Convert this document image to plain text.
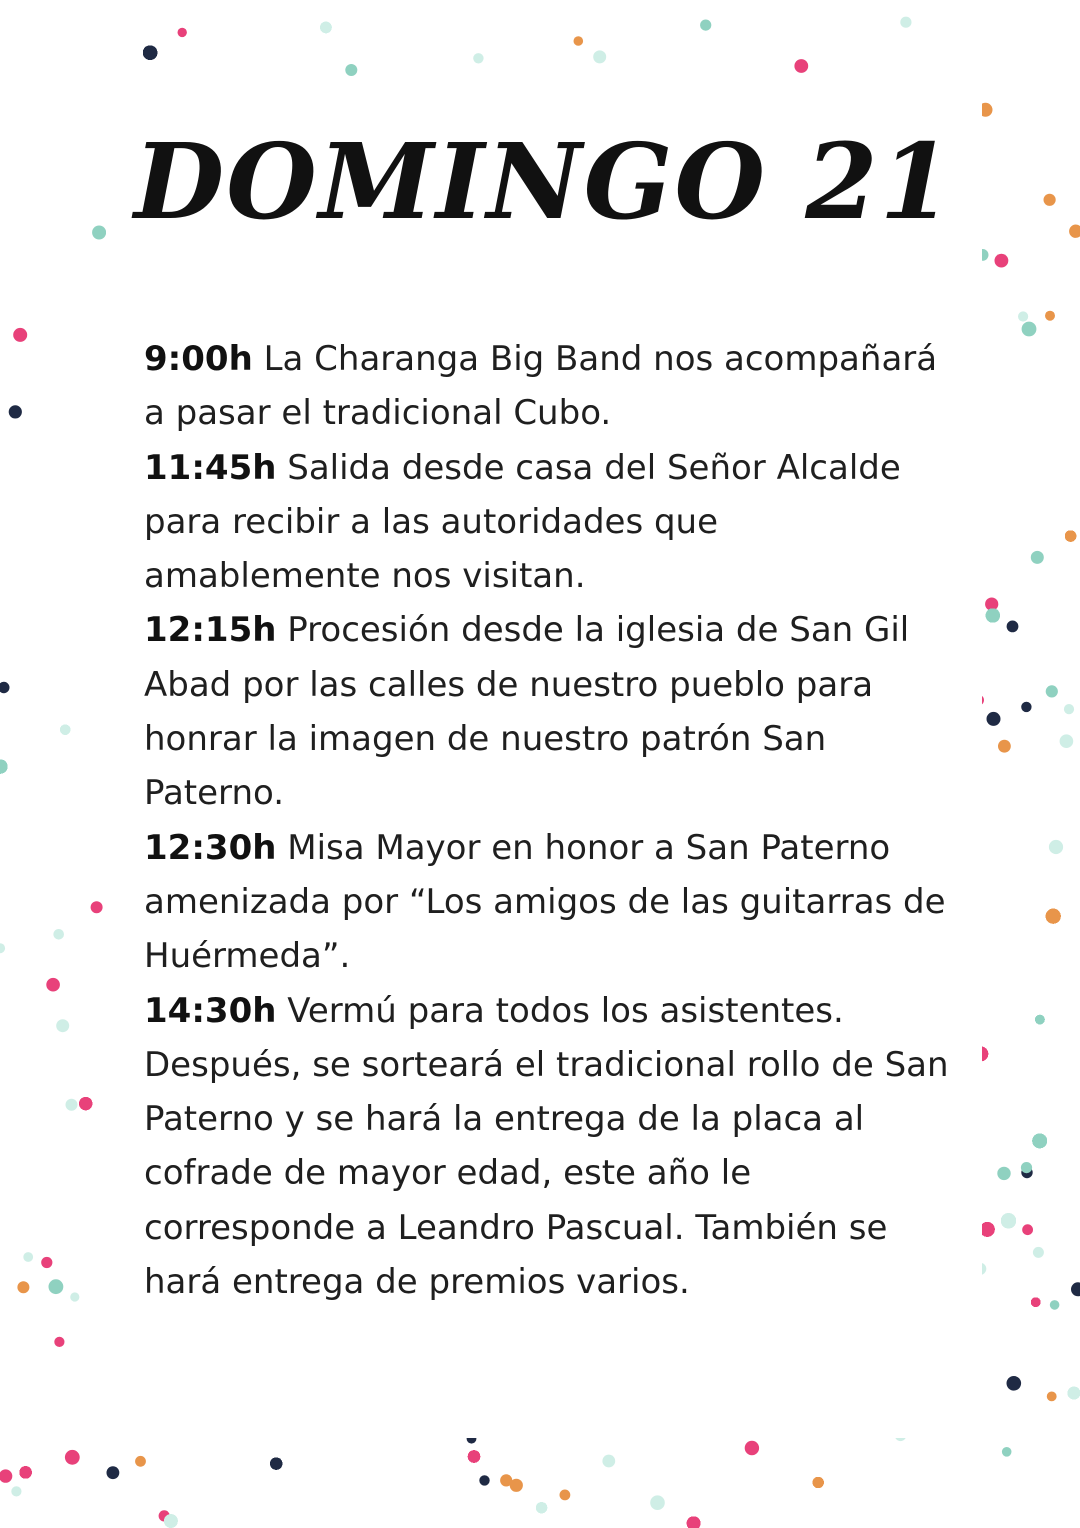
DOMINGO 21

9:00h La Charanga Big Band nos acompañará a pasar el tradicional Cubo.

11:45h Salida desde casa del Señor Alcalde para recibir a las autoridades que amablemente nos visitan.

12:15h Procesión desde la iglesia de San Gil Abad por las calles de nuestro pueblo para honrar la imagen de nuestro patrón San Paterno.

12:30h Misa Mayor en honor a San Paterno amenizada por “Los amigos de las guitarras de Huérmeda”.

14:30h Vermú para todos los asistentes. Después, se sorteará el tradicional rollo de San Paterno y se hará la entrega de la placa al cofrade de mayor edad, este año le corresponde a Leandro Pascual. También se hará entrega de premios varios.
